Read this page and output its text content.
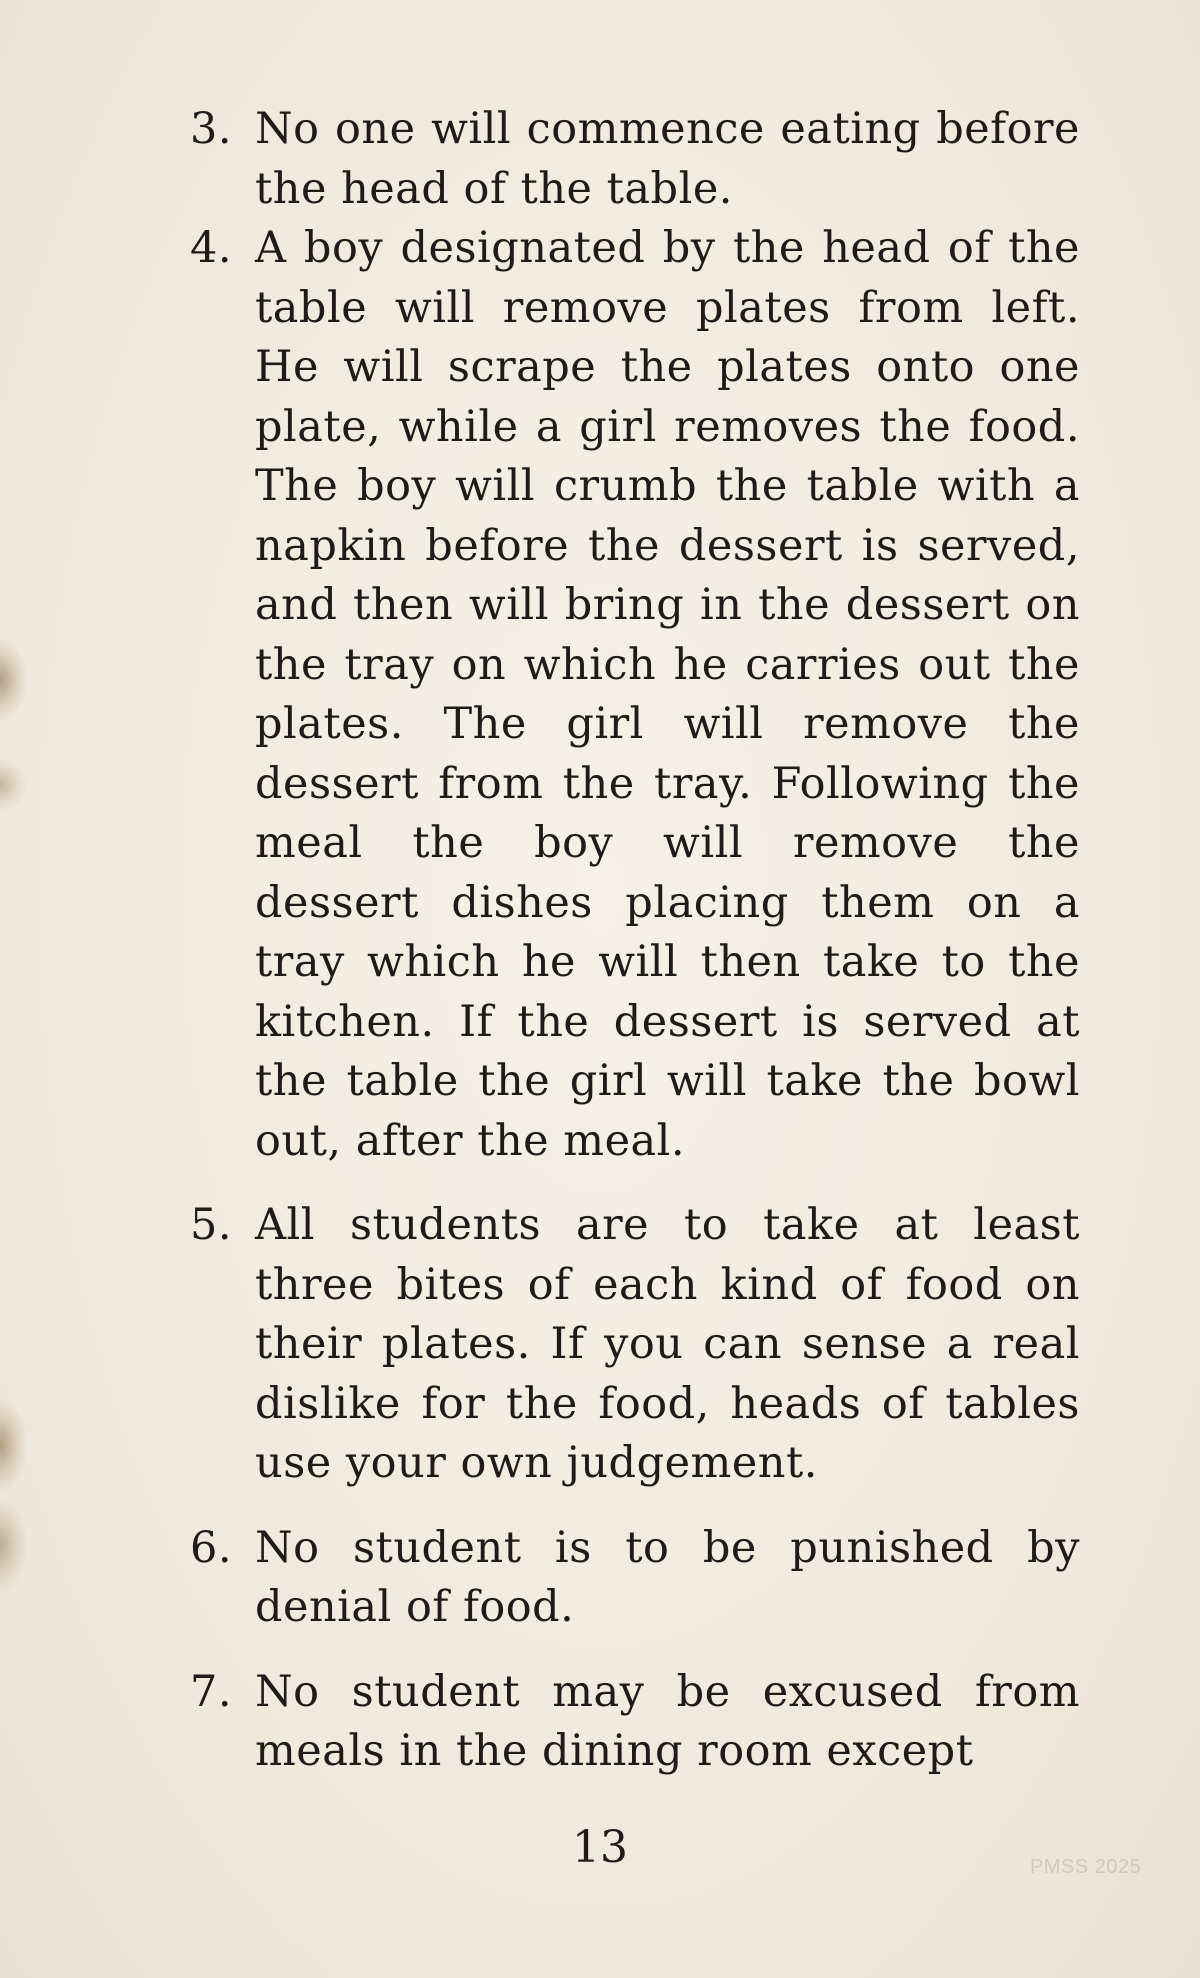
3. No one will commence eating before the head of the table.
4. A boy designated by the head of the table will remove plates from left. He will scrape the plates onto one plate, while a girl removes the food. The boy will crumb the table with a napkin before the dessert is served, and then will bring in the dessert on the tray on which he carries out the plates. The girl will remove the dessert from the tray. Following the meal the boy will remove the dessert dishes placing them on a tray which he will then take to the kitchen. If the dessert is served at the table the girl will take the bowl out, after the meal.
5. All students are to take at least three bites of each kind of food on their plates. If you can sense a real dislike for the food, heads of tables use your own judgement.
6. No student is to be punished by denial of food.
7. No student may be excused from meals in the dining room except
13	PMSS 2025
